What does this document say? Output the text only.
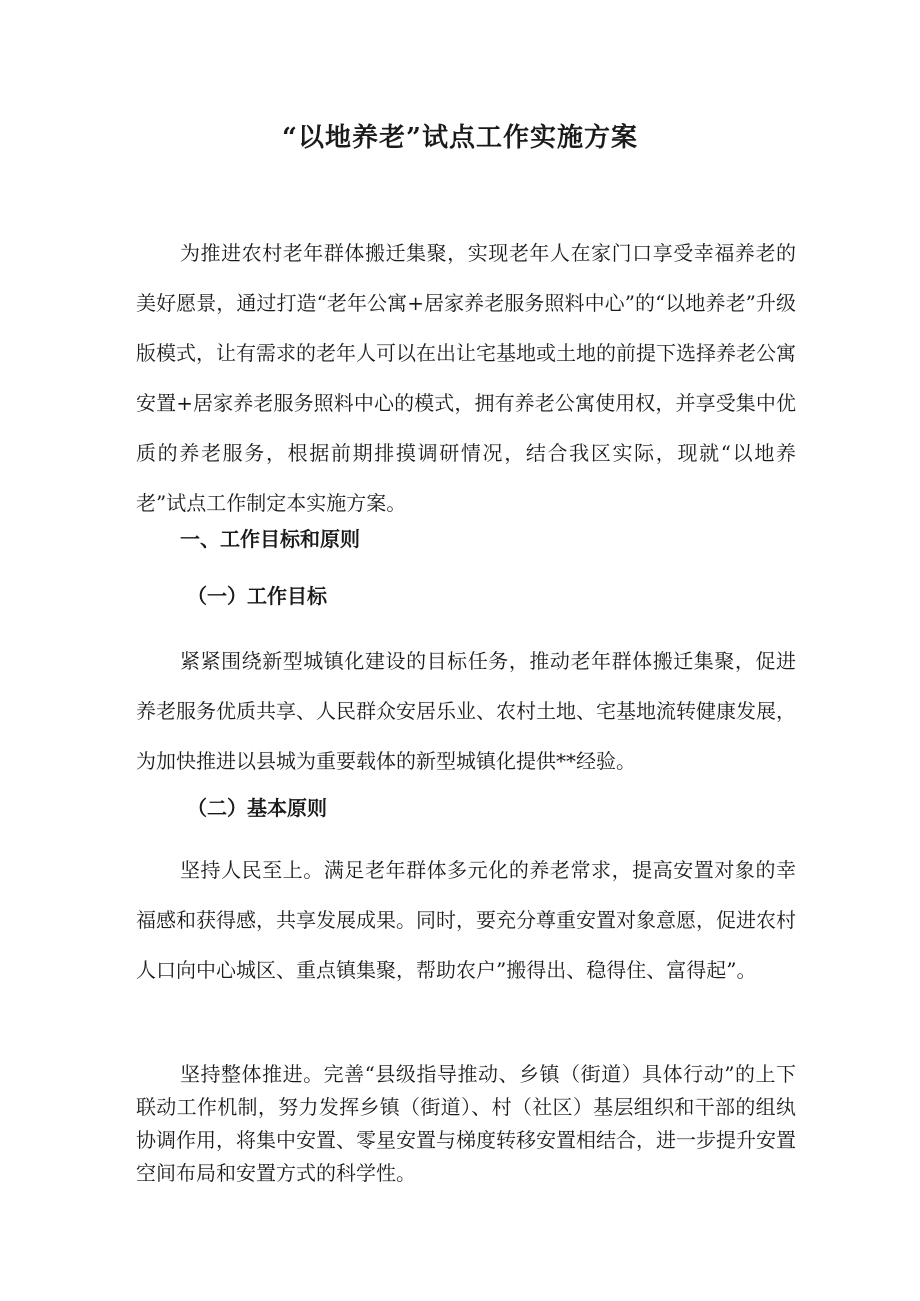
“以地养老”试点工作实施方案

为推进农村老年群体搬迁集聚，实现老年人在家门口享受幸福养老的美好愿景，通过打造“老年公寓+居家养老服务照料中心”的“以地养老”升级版模式，让有需求的老年人可以在出让宅基地或土地的前提下选择养老公寓安置+居家养老服务照料中心的模式，拥有养老公寓使用权，并享受集中优质的养老服务，根据前期排摸调研情况，结合我区实际，现就“以地养老”试点工作制定本实施方案。

一、工作目标和原则
（一）工作目标

紧紧围绕新型城镇化建设的目标任务，推动老年群体搬迁集聚，促进养老服务优质共享、人民群众安居乐业、农村土地、宅基地流转健康发展，为加快推进以县城为重要载体的新型城镇化提供**经验。

（二）基本原则

坚持人民至上。满足老年群体多元化的养老常求，提高安置对象的幸福感和获得感，共享发展成果。同时，要充分尊重安置对象意愿，促进农村人口向中心城区、重点镇集聚，帮助农户”搬得出、稳得住、富得起”。

坚持整体推进。完善“县级指导推动、乡镇（街道）具体行动”的上下联动工作机制，努力发挥乡镇（街道）、村（社区）基层组织和干部的组纨协调作用，将集中安置、零星安置与梯度转移安置相结合，进一步提升安置空间布局和安置方式的科学性。
